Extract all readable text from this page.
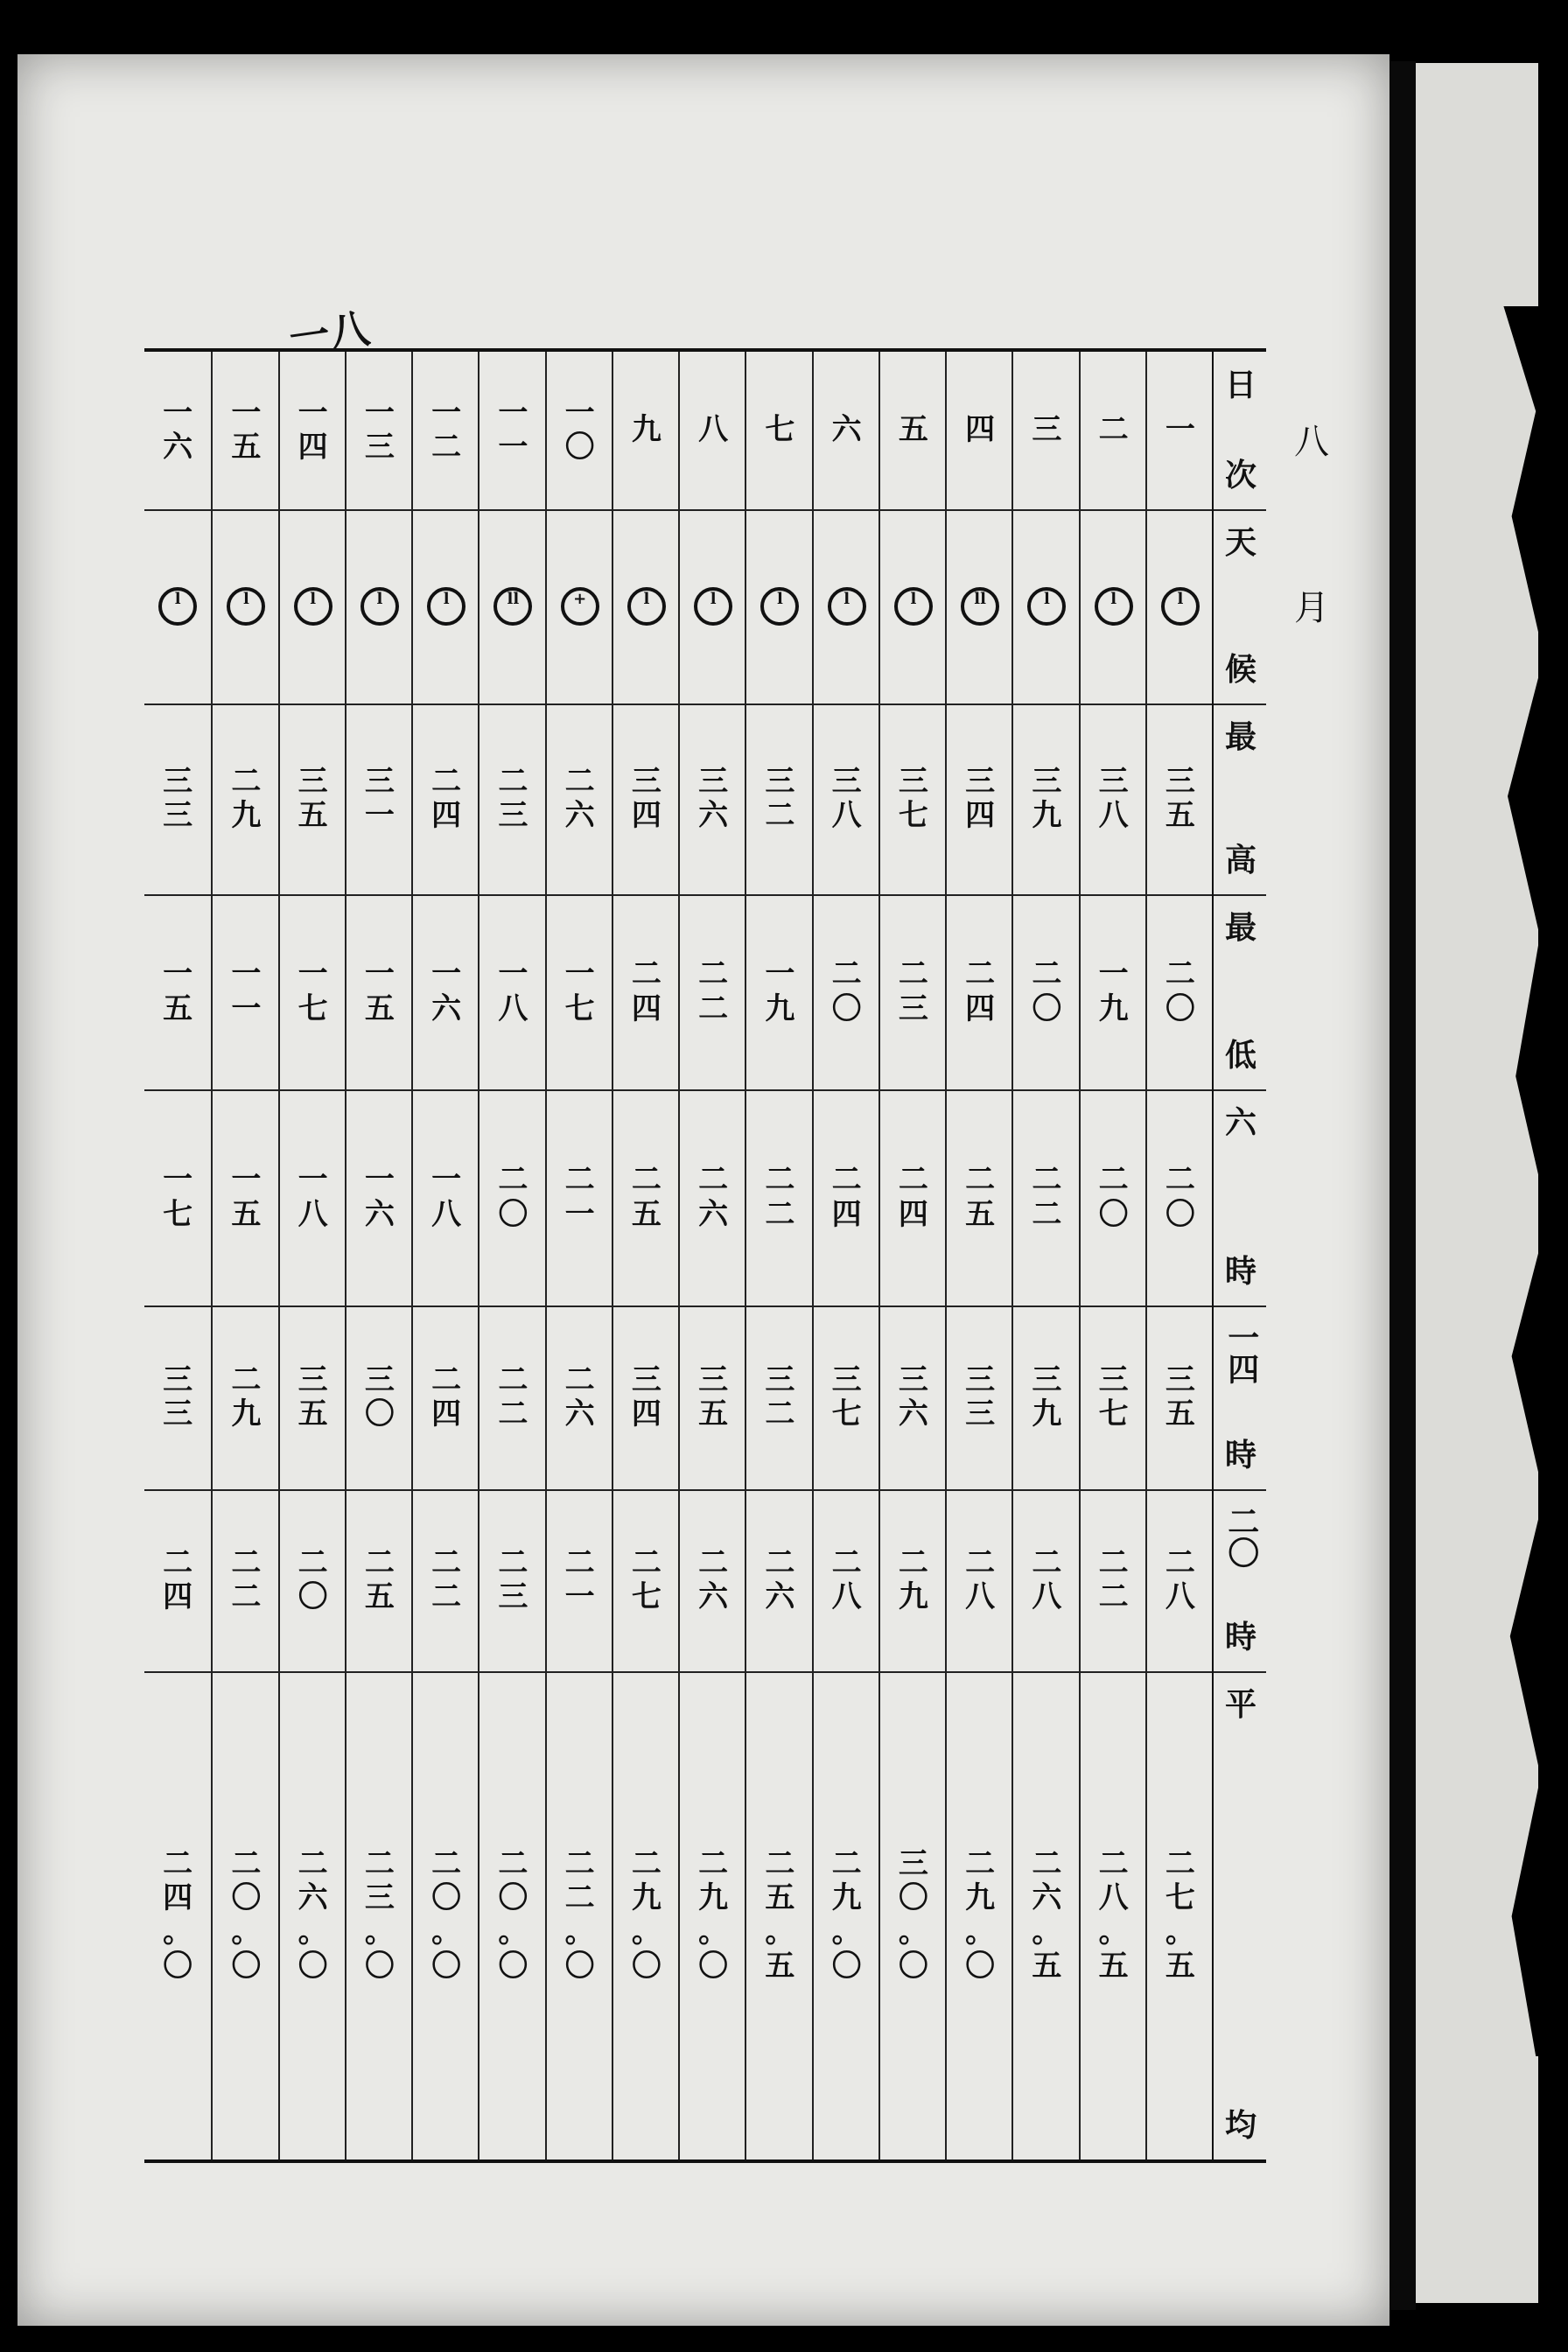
一八
八
月
一
l
三
五
二
〇
二
〇
三
五
二
八
二
七
。
五
二
l
三
八
一
九
二
〇
三
七
二
二
二
八
。
五
三
l
三
九
二
〇
二
二
三
九
二
八
二
六
。
五
四
ll
三
四
二
四
二
五
三
三
二
八
二
九
。
〇
五
l
三
七
二
三
二
四
三
六
二
九
三
〇
。
〇
六
l
三
八
二
〇
二
四
三
七
二
八
二
九
。
〇
七
l
三
二
一
九
二
二
三
二
二
六
二
五
。
五
八
l
三
六
二
二
二
六
三
五
二
六
二
九
。
〇
九
l
三
四
二
四
二
五
三
四
二
七
二
九
。
〇
一
〇
+
二
六
一
七
二
一
二
六
二
一
二
二
。
〇
一
一
ll
二
三
一
八
二
〇
二
二
二
三
二
〇
。
〇
一
二
l
二
四
一
六
一
八
二
四
二
二
二
〇
。
〇
一
三
l
三
一
一
五
一
六
三
〇
二
五
二
三
。
〇
一
四
l
三
五
一
七
一
八
三
五
二
〇
二
六
。
〇
一
五
l
二
九
一
一
一
五
二
九
二
二
二
〇
。
〇
一
六
l
三
三
一
五
一
七
三
三
二
四
二
四
。
〇
日
次
天
候
最
高
最
低
六
時
一四
時
二〇
時
平
均
